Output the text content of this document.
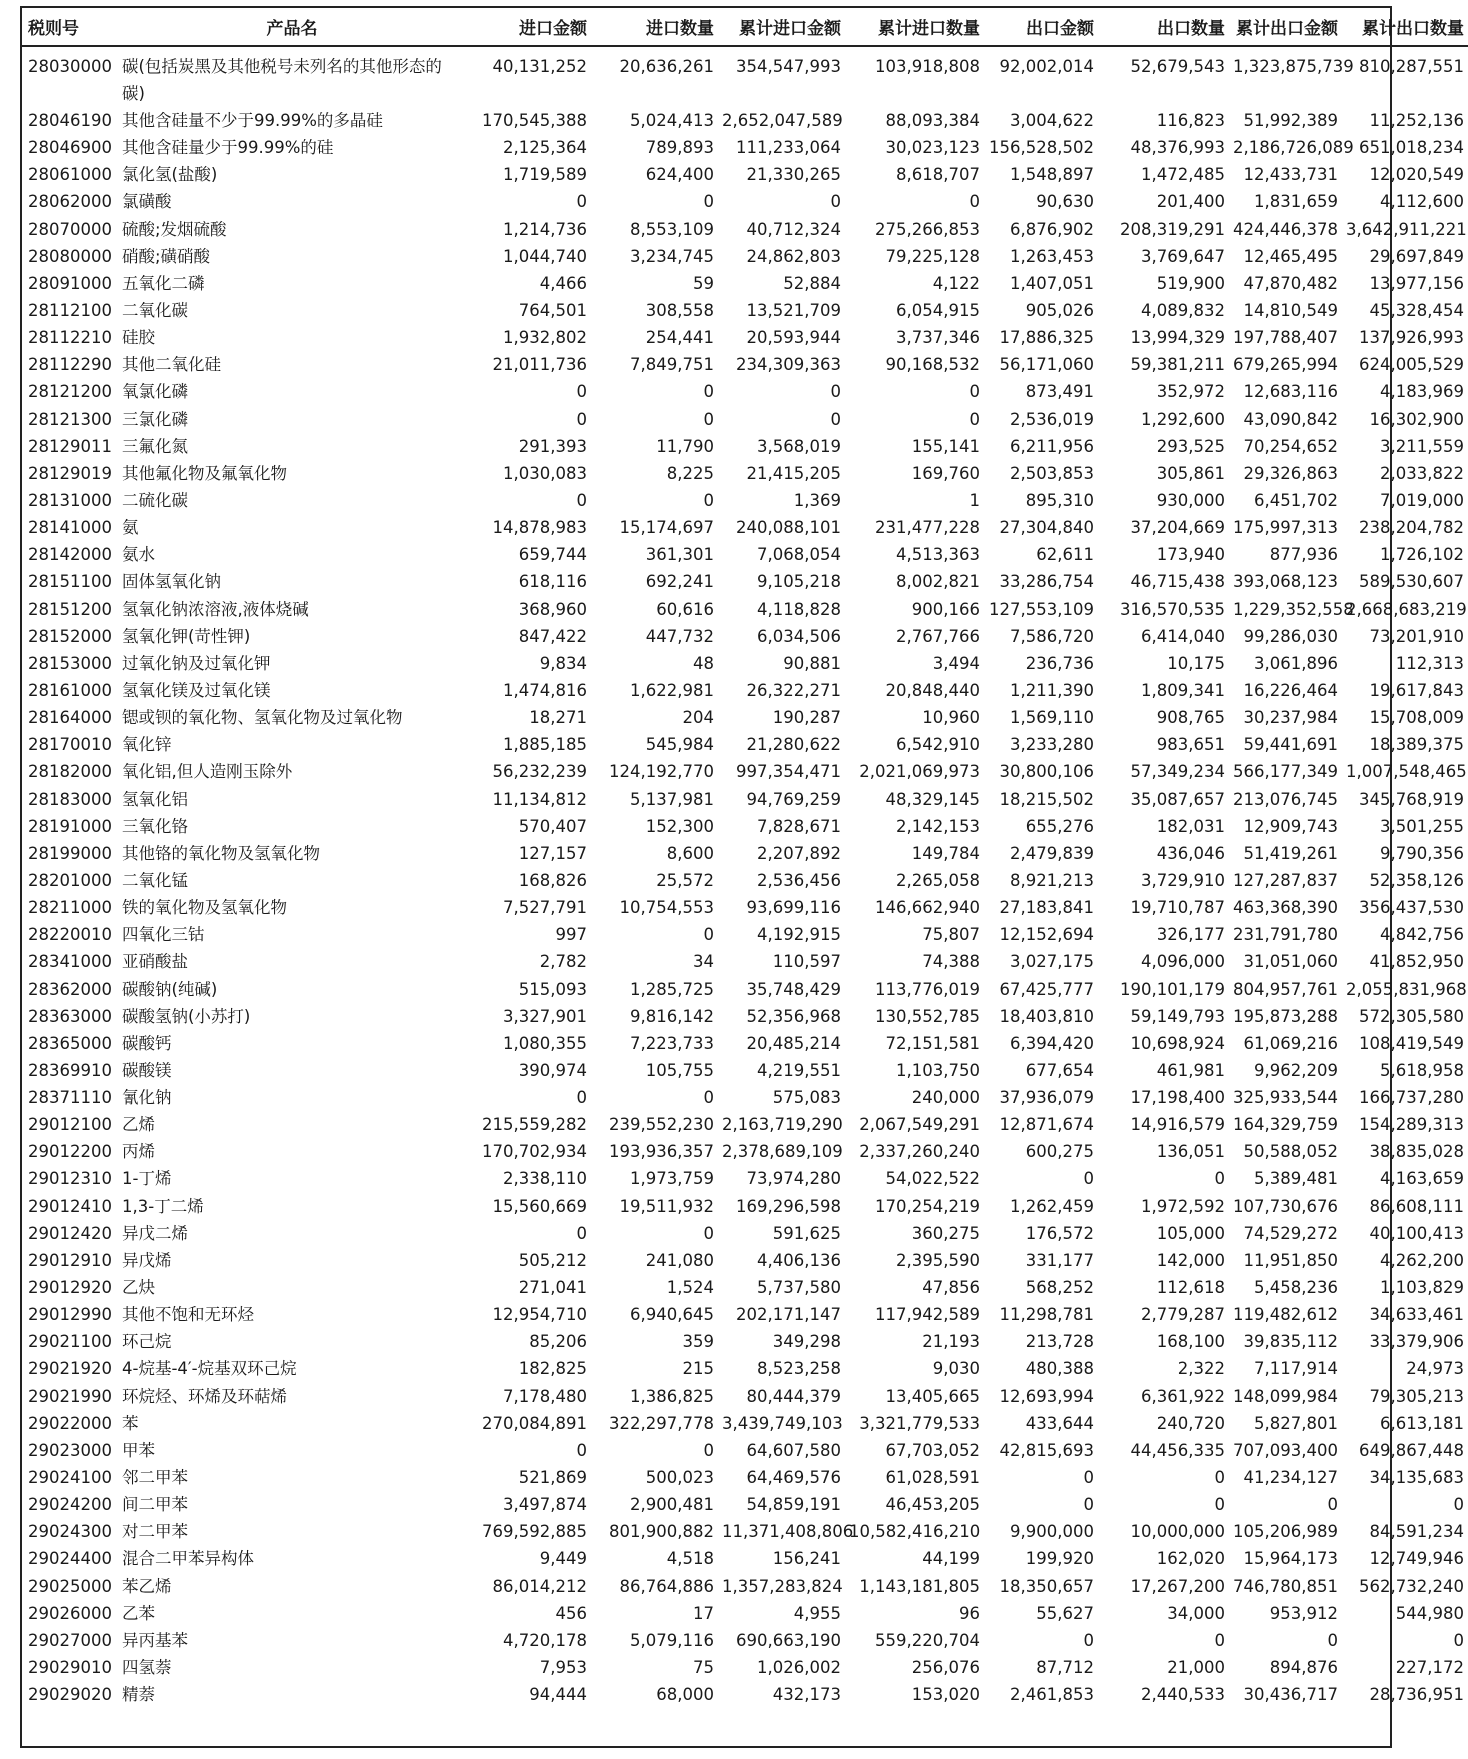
税则号	产品名	进口金额	进口数量	累计进口金额	累计进口数量	出口金额	出口数量	累计出口金额	累计出口数量
28030000	碳(包括炭黑及其他税号未列名的其他形态的碳)	40,131,252	20,636,261	354,547,993	103,918,808	92,002,014	52,679,543	1,323,875,739	810,287,551
28046190	其他含硅量不少于99.99%的多晶硅	170,545,388	5,024,413	2,652,047,589	88,093,384	3,004,622	116,823	51,992,389	11,252,136
28046900	其他含硅量少于99.99%的硅	2,125,364	789,893	111,233,064	30,023,123	156,528,502	48,376,993	2,186,726,089	651,018,234
28061000	氯化氢(盐酸)	1,719,589	624,400	21,330,265	8,618,707	1,548,897	1,472,485	12,433,731	12,020,549
28062000	氯磺酸	0	0	0	0	90,630	201,400	1,831,659	4,112,600
28070000	硫酸;发烟硫酸	1,214,736	8,553,109	40,712,324	275,266,853	6,876,902	208,319,291	424,446,378	3,642,911,221
28080000	硝酸;磺硝酸	1,044,740	3,234,745	24,862,803	79,225,128	1,263,453	3,769,647	12,465,495	29,697,849
28091000	五氧化二磷	4,466	59	52,884	4,122	1,407,051	519,900	47,870,482	13,977,156
28112100	二氧化碳	764,501	308,558	13,521,709	6,054,915	905,026	4,089,832	14,810,549	45,328,454
28112210	硅胶	1,932,802	254,441	20,593,944	3,737,346	17,886,325	13,994,329	197,788,407	137,926,993
28112290	其他二氧化硅	21,011,736	7,849,751	234,309,363	90,168,532	56,171,060	59,381,211	679,265,994	624,005,529
28121200	氧氯化磷	0	0	0	0	873,491	352,972	12,683,116	4,183,969
28121300	三氯化磷	0	0	0	0	2,536,019	1,292,600	43,090,842	16,302,900
28129011	三氟化氮	291,393	11,790	3,568,019	155,141	6,211,956	293,525	70,254,652	3,211,559
28129019	其他氟化物及氟氧化物	1,030,083	8,225	21,415,205	169,760	2,503,853	305,861	29,326,863	2,033,822
28131000	二硫化碳	0	0	1,369	1	895,310	930,000	6,451,702	7,019,000
28141000	氨	14,878,983	15,174,697	240,088,101	231,477,228	27,304,840	37,204,669	175,997,313	238,204,782
28142000	氨水	659,744	361,301	7,068,054	4,513,363	62,611	173,940	877,936	1,726,102
28151100	固体氢氧化钠	618,116	692,241	9,105,218	8,002,821	33,286,754	46,715,438	393,068,123	589,530,607
28151200	氢氧化钠浓溶液,液体烧碱	368,960	60,616	4,118,828	900,166	127,553,109	316,570,535	1,229,352,558	2,668,683,219
28152000	氢氧化钾(苛性钾)	847,422	447,732	6,034,506	2,767,766	7,586,720	6,414,040	99,286,030	73,201,910
28153000	过氧化钠及过氧化钾	9,834	48	90,881	3,494	236,736	10,175	3,061,896	112,313
28161000	氢氧化镁及过氧化镁	1,474,816	1,622,981	26,322,271	20,848,440	1,211,390	1,809,341	16,226,464	19,617,843
28164000	锶或钡的氧化物、氢氧化物及过氧化物	18,271	204	190,287	10,960	1,569,110	908,765	30,237,984	15,708,009
28170010	氧化锌	1,885,185	545,984	21,280,622	6,542,910	3,233,280	983,651	59,441,691	18,389,375
28182000	氧化铝,但人造刚玉除外	56,232,239	124,192,770	997,354,471	2,021,069,973	30,800,106	57,349,234	566,177,349	1,007,548,465
28183000	氢氧化铝	11,134,812	5,137,981	94,769,259	48,329,145	18,215,502	35,087,657	213,076,745	345,768,919
28191000	三氧化铬	570,407	152,300	7,828,671	2,142,153	655,276	182,031	12,909,743	3,501,255
28199000	其他铬的氧化物及氢氧化物	127,157	8,600	2,207,892	149,784	2,479,839	436,046	51,419,261	9,790,356
28201000	二氧化锰	168,826	25,572	2,536,456	2,265,058	8,921,213	3,729,910	127,287,837	52,358,126
28211000	铁的氧化物及氢氧化物	7,527,791	10,754,553	93,699,116	146,662,940	27,183,841	19,710,787	463,368,390	356,437,530
28220010	四氧化三钴	997	0	4,192,915	75,807	12,152,694	326,177	231,791,780	4,842,756
28341000	亚硝酸盐	2,782	34	110,597	74,388	3,027,175	4,096,000	31,051,060	41,852,950
28362000	碳酸钠(纯碱)	515,093	1,285,725	35,748,429	113,776,019	67,425,777	190,101,179	804,957,761	2,055,831,968
28363000	碳酸氢钠(小苏打)	3,327,901	9,816,142	52,356,968	130,552,785	18,403,810	59,149,793	195,873,288	572,305,580
28365000	碳酸钙	1,080,355	7,223,733	20,485,214	72,151,581	6,394,420	10,698,924	61,069,216	108,419,549
28369910	碳酸镁	390,974	105,755	4,219,551	1,103,750	677,654	461,981	9,962,209	5,618,958
28371110	氰化钠	0	0	575,083	240,000	37,936,079	17,198,400	325,933,544	166,737,280
29012100	乙烯	215,559,282	239,552,230	2,163,719,290	2,067,549,291	12,871,674	14,916,579	164,329,759	154,289,313
29012200	丙烯	170,702,934	193,936,357	2,378,689,109	2,337,260,240	600,275	136,051	50,588,052	38,835,028
29012310	1-丁烯	2,338,110	1,973,759	73,974,280	54,022,522	0	0	5,389,481	4,163,659
29012410	1,3-丁二烯	15,560,669	19,511,932	169,296,598	170,254,219	1,262,459	1,972,592	107,730,676	86,608,111
29012420	异戊二烯	0	0	591,625	360,275	176,572	105,000	74,529,272	40,100,413
29012910	异戊烯	505,212	241,080	4,406,136	2,395,590	331,177	142,000	11,951,850	4,262,200
29012920	乙炔	271,041	1,524	5,737,580	47,856	568,252	112,618	5,458,236	1,103,829
29012990	其他不饱和无环烃	12,954,710	6,940,645	202,171,147	117,942,589	11,298,781	2,779,287	119,482,612	34,633,461
29021100	环己烷	85,206	359	349,298	21,193	213,728	168,100	39,835,112	33,379,906
29021920	4-烷基-4′-烷基双环己烷	182,825	215	8,523,258	9,030	480,388	2,322	7,117,914	24,973
29021990	环烷烃、环烯及环萜烯	7,178,480	1,386,825	80,444,379	13,405,665	12,693,994	6,361,922	148,099,984	79,305,213
29022000	苯	270,084,891	322,297,778	3,439,749,103	3,321,779,533	433,644	240,720	5,827,801	6,613,181
29023000	甲苯	0	0	64,607,580	67,703,052	42,815,693	44,456,335	707,093,400	649,867,448
29024100	邻二甲苯	521,869	500,023	64,469,576	61,028,591	0	0	41,234,127	34,135,683
29024200	间二甲苯	3,497,874	2,900,481	54,859,191	46,453,205	0	0	0	0
29024300	对二甲苯	769,592,885	801,900,882	11,371,408,806	10,582,416,210	9,900,000	10,000,000	105,206,989	84,591,234
29024400	混合二甲苯异构体	9,449	4,518	156,241	44,199	199,920	162,020	15,964,173	12,749,946
29025000	苯乙烯	86,014,212	86,764,886	1,357,283,824	1,143,181,805	18,350,657	17,267,200	746,780,851	562,732,240
29026000	乙苯	456	17	4,955	96	55,627	34,000	953,912	544,980
29027000	异丙基苯	4,720,178	5,079,116	690,663,190	559,220,704	0	0	0	0
29029010	四氢萘	7,953	75	1,026,002	256,076	87,712	21,000	894,876	227,172
29029020	精萘	94,444	68,000	432,173	153,020	2,461,853	2,440,533	30,436,717	28,736,951
